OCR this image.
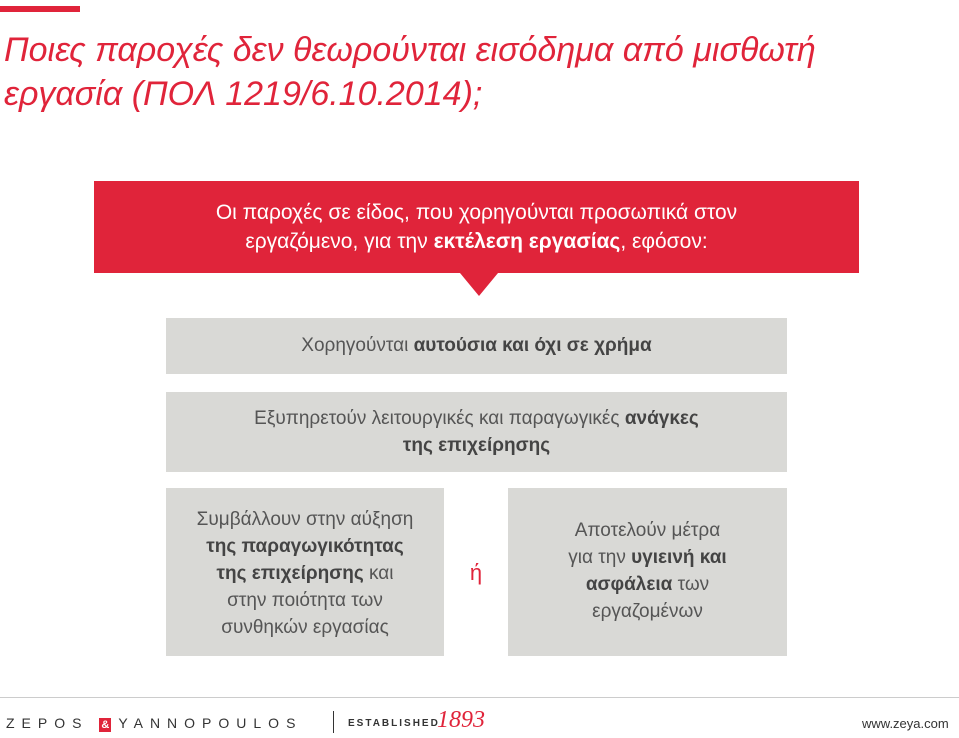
Ποιες παροχές δεν θεωρούνται εισόδημα από μισθωτή
εργασία (ΠΟΛ 1219/6.10.2014);
Οι παροχές σε είδος, που χορηγούνται προσωπικά στον
εργαζόμενο, για την εκτέλεση εργασίας, εφόσον:
Χορηγούνται αυτούσια και όχι σε χρήμα
Εξυπηρετούν λειτουργικές και παραγωγικές ανάγκες
της επιχείρησης
Συμβάλλουν στην αύξηση
της παραγωγικότητας
της επιχείρησης και
στην ποιότητα των
συνθηκών εργασίας
ή
Αποτελούν μέτρα
για την υγιεινή και
ασφάλεια των
εργαζομένων
ZEPOS & YANNOPOULOS	ESTABLISHED
1893	www.zeya.com
